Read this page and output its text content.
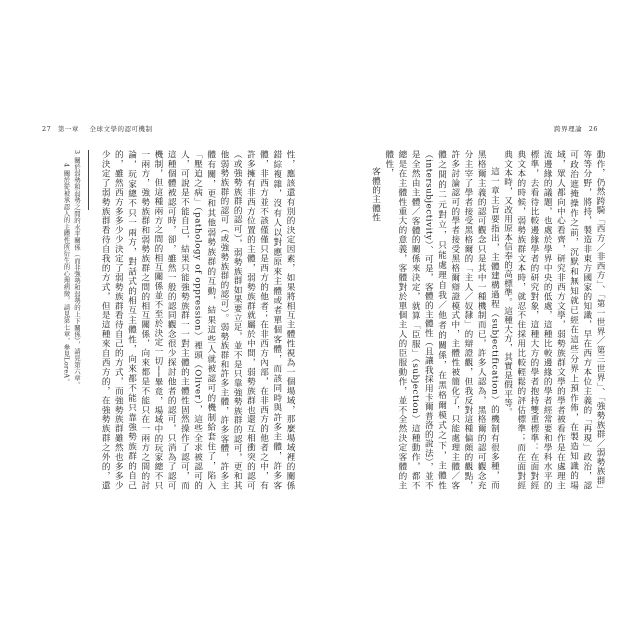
27 第一章 全球文學的認可機制	跨界理論 26
動作，仍然跨騎「西方／非西方」、「第一世界／第三世界」、「強勢族群／弱勢族群」等等分野，將持，製造非東方國家的知識，早在西方本位主義的「再現」政治，認可政治遮掩操作之前，沉默和無知就已經在這些分界上預作佈，在製造知識的場域，眾人都向中心看齊，研究非西方文學，弱勢族群文學的學者被看作是在處理主流邊緣的議題，也處於學界中央的低處，這種比較邊緣的學者經常要和學科水平的標準，去看待比較邊緣學者的研究對象，這種大方的學者抱持雙重標準：在面對經典文本的時候，弱勢族群文本時，就忍不住採用比較輕鬆的評估標準；而在面對經典文本時，又改用原本信奉的高標準。這種大方，其實是假平等。
這一章主旨要指出，主體建構過程（subjectification）的機制有很多種，而黑格爾主義的認可觀念只是其中一種機制而已，許多人認為，黑格爾的認可觀念充分主宰了學者接受黑格爾的「主人／奴隸」的辯證觀，但我反對這種偏頗的觀點，許多討論認可的學者接受黑格爾辯證模式中，主體性被簡化了，只能處理主體／客體之間的二元對立，只能處理自我／他者的關係，在黑格爾模式之下，主體性（intersubjectivity）、可是，客體的主體性（且讓我採用卡爾普洛的說法），並不是全然由主體／客體的關係來決定，就算「臣服」（subjection）這種動作，都不總是在主體性重大的意義，客體對於單個主人的臣服動作，並不全然決定客體的主體性，
客體的主體性
性，應該還有別的決定因素，如果將相互主體性視為一個場域，那麼場域裡的關係錯綜複雜，沒有人以對應原來主體或者單個客體，而該同時與許多主體，許多客體，非西方並不該僅僅只是西方的他者；在非西方內部，在非西方的他者之中，有許多擁有非西方位置的主體，弱勢族群就屬於中間，弱勢族群也還互相衝突的認可（或強勢族群的認可），弱勢族群如果要立足，並不是只靠強勢族群的認可，更和其他弱勢族群的認可（或強勢族群的認可）。弱勢族群和許多主體，許多客體，許多主體有關，更和其他弱勢族群的互動，結果這些人就被認可的機制給套住了，陷入「壓迫之病」（pathology of oppression）裡頭（Oliver），這些全求被認可的人，可說是不能自己，結果只能強勢族群一一對主體的主體性固然操作了認可，而這種個體被認可時，卻，雖然一般的認同觀念很少探討他者的認可，只消為了認可機制，但這種兩方之間的相互關係並不至於決定一切──畢竟，場域中的玩家總不只一兩方，強勢族群和弱勢族群之間的相互關係，向來都是不能只在一兩方之間的討論，玩家總不只一兩方，對話式的相互主體性，向來都不能只靠強勢族群的自己的，雖然西方多多少少決定了弱勢族群看待自己的方式，而強勢族群雖然也多多少少決定了弱勢族群看待自我的方式，但是這種來自西方的，在強勢族群之外的，還
3 關於弱勢和弱勢之間的水平關係（而非強勢和弱勢的上下關係），請見第六章。
4 關於從被承認人的主體性所衍生的心理病徵，請見第七章，參見LoreA。
